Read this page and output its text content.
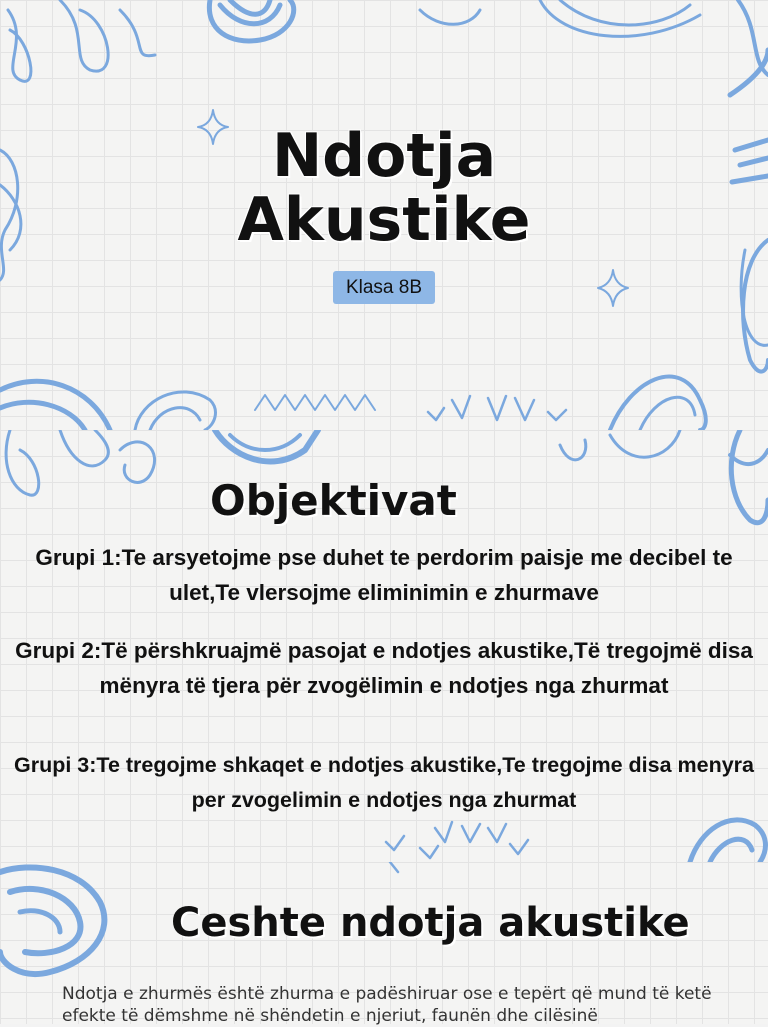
Ndotja
Akustike
Klasa 8B
Objektivat

Grupi 1:Te arsyetojme pse duhet te perdorim paisje me decibel te ulet,Te vlersojme eliminimin e zhurmave

Grupi 2:Të përshkruajmë pasojat e ndotjes akustike,Të tregojmë disa mënyra të tjera për zvogëlimin e ndotjes nga zhurmat

Grupi 3:Te tregojme shkaqet e ndotjes akustike,Te tregojme disa menyra per zvogelimin e ndotjes nga zhurmat

Ceshte ndotja akustike

Ndotja e zhurmës është zhurma e padëshiruar ose e tepërt që mund të ketë efekte të dëmshme në shëndetin e njeriut, faunën dhe cilësinë
